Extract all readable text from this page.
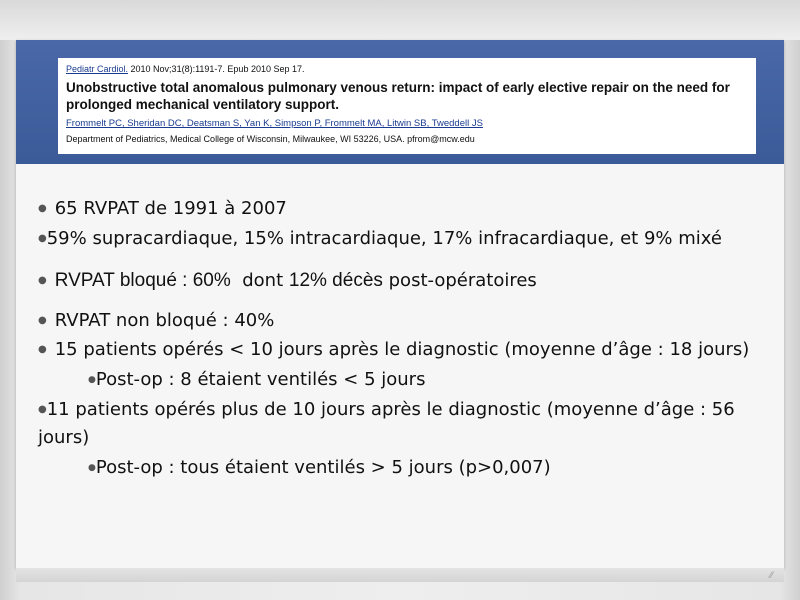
Pediatr Cardiol. 2010 Nov;31(8):1191-7. Epub 2010 Sep 17.
Unobstructive total anomalous pulmonary venous return: impact of early elective repair on the need for prolonged mechanical ventilatory support.
Frommelt PC, Sheridan DC, Deatsman S, Yan K, Simpson P, Frommelt MA, Litwin SB, Tweddell JS
Department of Pediatrics, Medical College of Wisconsin, Milwaukee, WI 53226, USA. pfrom@mcw.edu
● 65 RVPAT de 1991 à 2007
●59% supracardiaque, 15% intracardiaque, 17% infracardiaque, et 9% mixé
● RVPAT bloqué : 60% dont 12% décès post-opératoires
● RVPAT non bloqué : 40%
● 15 patients opérés < 10 jours après le diagnostic (moyenne d’âge : 18 jours)
●Post-op : 8 étaient ventilés < 5 jours
●11 patients opérés plus de 10 jours après le diagnostic (moyenne d’âge : 56 jours)
●Post-op : tous étaient ventilés > 5 jours (p>0,007)
⁄⁄
